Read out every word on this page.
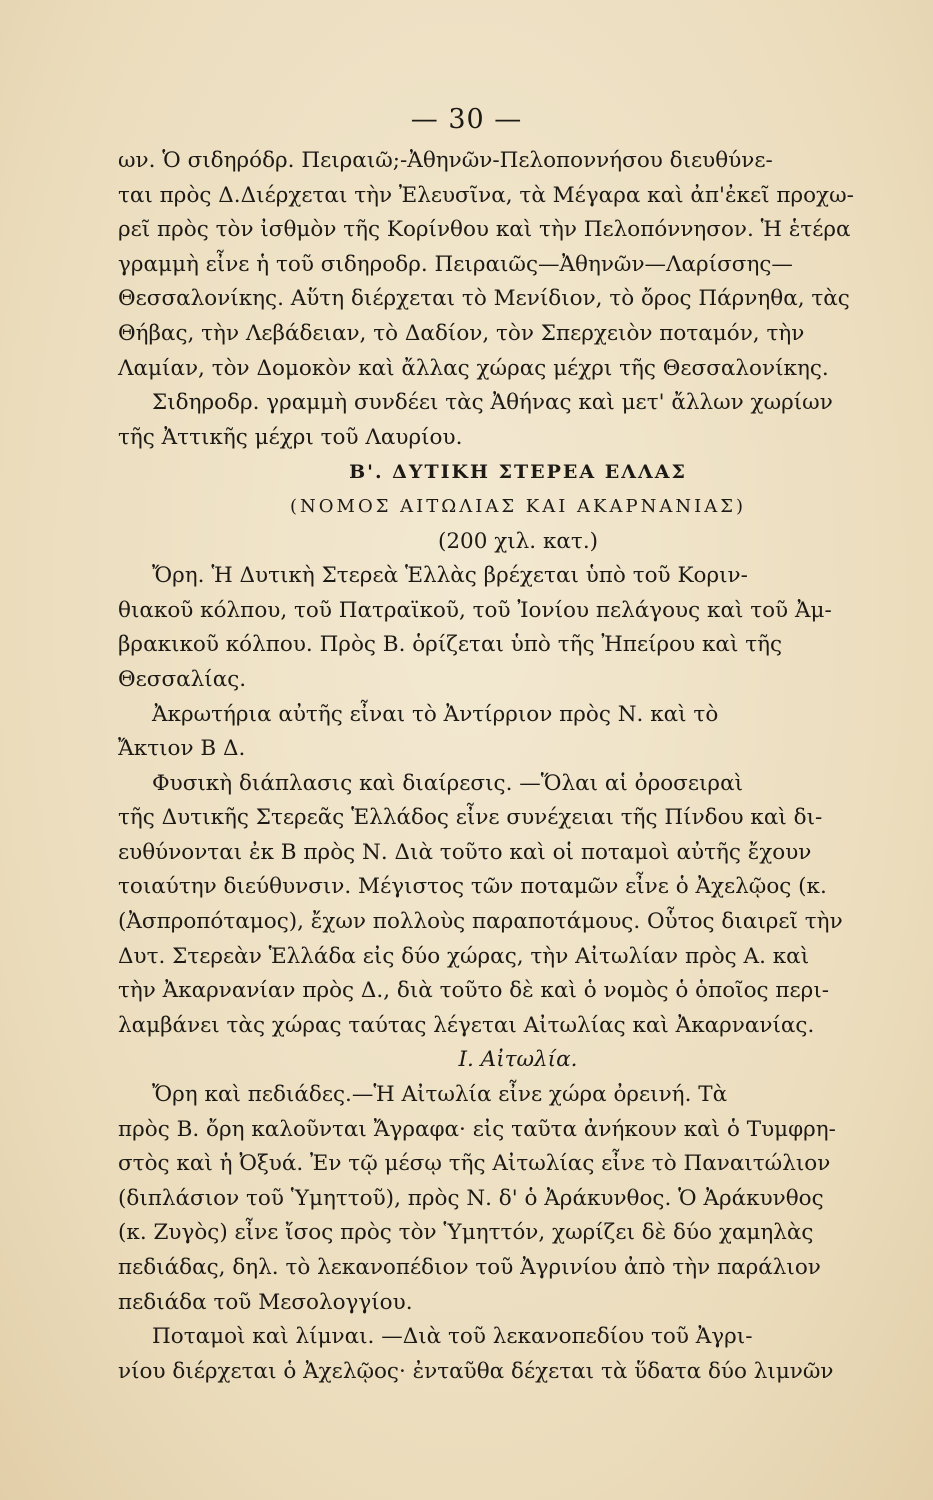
— 30 —
ων. Ὁ σιδηρόδρ. Πειραιῶ;-Ἀθηνῶν-Πελοποννήσου διευθύνε-
ται πρὸς Δ.Διέρχεται τὴν Ἐλευσῖνα, τὰ Μέγαρα καὶ ἀπ'ἐκεῖ προχω-
ρεῖ πρὸς τὸν ἰσθμὸν τῆς Κορίνθου καὶ τὴν Πελοπόννησον. Ἡ ἑτέρα
γραμμὴ εἶνε ἡ τοῦ σιδηροδρ. Πειραιῶς—Ἀθηνῶν—Λαρίσσης—
Θεσσαλονίκης. Αὕτη διέρχεται τὸ Μενίδιον, τὸ ὄρος Πάρνηθα, τὰς
Θήβας, τὴν Λεβάδειαν, τὸ Δαδίον, τὸν Σπερχειὸν ποταμόν, τὴν
Λαμίαν, τὸν Δομοκὸν καὶ ἄλλας χώρας μέχρι τῆς Θεσσαλονίκης.
Σιδηροδρ. γραμμὴ συνδέει τὰς Ἀθήνας καὶ μετ' ἄλλων χωρίων
τῆς Ἀττικῆς μέχρι τοῦ Λαυρίου.
Β'. ΔΥΤΙΚΗ ΣΤΕΡΕΑ ΕΛΛΑΣ
(ΝΟΜΟΣ ΑΙΤΩΛΙΑΣ ΚΑΙ ΑΚΑΡΝΑΝΙΑΣ)
(200 χιλ. κατ.)
Ὄρη. Ἡ Δυτικὴ Στερεὰ Ἑλλὰς βρέχεται ὑπὸ τοῦ Κοριν-
θιακοῦ κόλπου, τοῦ Πατραϊκοῦ, τοῦ Ἰονίου πελάγους καὶ τοῦ Ἀμ-
βρακικοῦ κόλπου. Πρὸς Β. ὁρίζεται ὑπὸ τῆς Ἠπείρου καὶ τῆς
Θεσσαλίας.
Ἀκρωτήρια αὐτῆς εἶναι τὸ Ἀντίρριον πρὸς Ν. καὶ τὸ
Ἄκτιον Β Δ.
Φυσικὴ διάπλασις καὶ διαίρεσις. —Ὅλαι αἱ ὀροσειραὶ
τῆς Δυτικῆς Στερεᾶς Ἑλλάδος εἶνε συνέχειαι τῆς Πίνδου καὶ δι-
ευθύνονται ἐκ Β πρὸς Ν. Διὰ τοῦτο καὶ οἱ ποταμοὶ αὐτῆς ἔχουν
τοιαύτην διεύθυνσιν. Μέγιστος τῶν ποταμῶν εἶνε ὁ Ἀχελῷος (κ.
(Ἀσπροπόταμος), ἔχων πολλοὺς παραποτάμους. Οὗτος διαιρεῖ τὴν
Δυτ. Στερεὰν Ἑλλάδα εἰς δύο χώρας, τὴν Αἰτωλίαν πρὸς Α. καὶ
τὴν Ἀκαρνανίαν πρὸς Δ., διὰ τοῦτο δὲ καὶ ὁ νομὸς ὁ ὁποῖος περι-
λαμβάνει τὰς χώρας ταύτας λέγεται Αἰτωλίας καὶ Ἀκαρνανίας.
Ι. Αἰτωλία.
Ὄρη καὶ πεδιάδες.—Ἡ Αἰτωλία εἶνε χώρα ὀρεινή. Τὰ
πρὸς Β. ὄρη καλοῦνται Ἄγραφα· εἰς ταῦτα ἀνήκουν καὶ ὁ Τυμφρη-
στὸς καὶ ἡ Ὀξυά. Ἐν τῷ μέσῳ τῆς Αἰτωλίας εἶνε τὸ Παναιτώλιον
(διπλάσιον τοῦ Ὑμηττοῦ), πρὸς Ν. δ' ὁ Ἀράκυνθος. Ὁ Ἀράκυνθος
(κ. Ζυγὸς) εἶνε ἴσος πρὸς τὸν Ὑμηττόν, χωρίζει δὲ δύο χαμηλὰς
πεδιάδας, δηλ. τὸ λεκανοπέδιον τοῦ Ἀγρινίου ἀπὸ τὴν παράλιον
πεδιάδα τοῦ Μεσολογγίου.
Ποταμοὶ καὶ λίμναι. —Διὰ τοῦ λεκανοπεδίου τοῦ Ἀγρι-
νίου διέρχεται ὁ Ἀχελῷος· ἐνταῦθα δέχεται τὰ ὕδατα δύο λιμνῶν
